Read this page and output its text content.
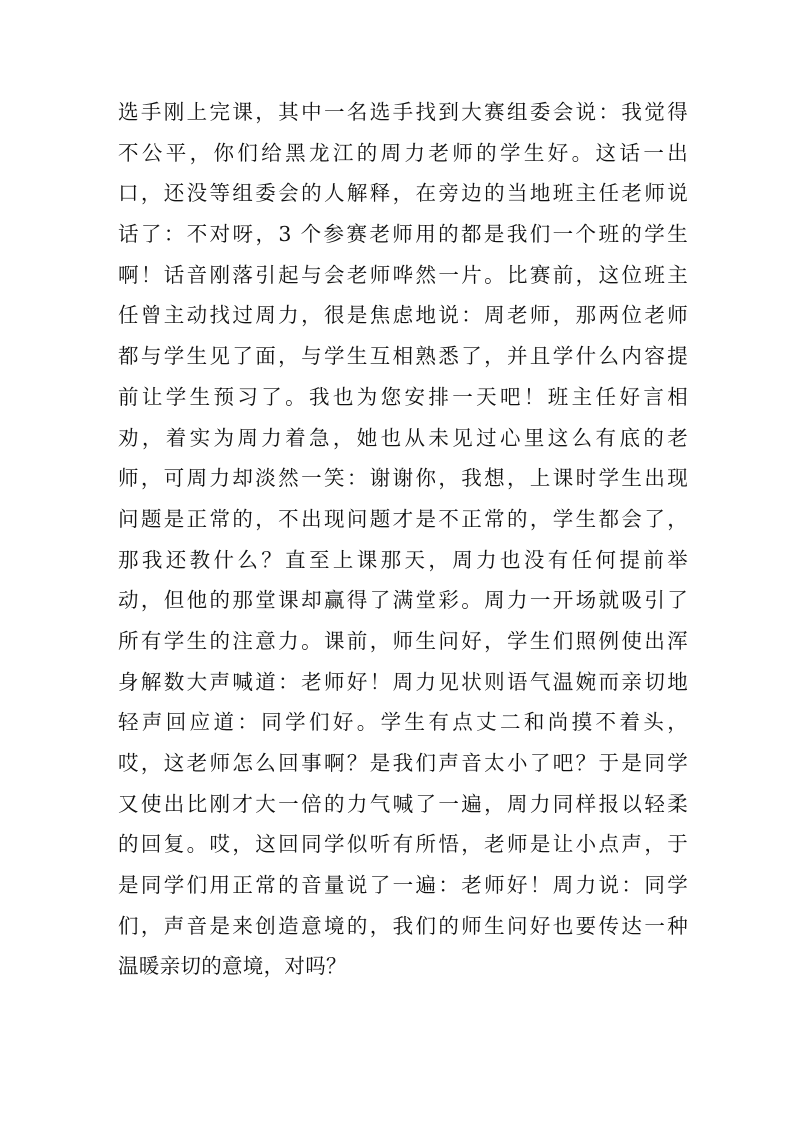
选手刚上完课，其中一名选手找到大赛组委会说：我觉得
不公平，你们给黑龙江的周力老师的学生好。这话一出
口，还没等组委会的人解释，在旁边的当地班主任老师说
话了：不对呀，3 个参赛老师用的都是我们一个班的学生
啊！话音刚落引起与会老师哗然一片。比赛前，这位班主
任曾主动找过周力，很是焦虑地说：周老师，那两位老师
都与学生见了面，与学生互相熟悉了，并且学什么内容提
前让学生预习了。我也为您安排一天吧！班主任好言相
劝，着实为周力着急，她也从未见过心里这么有底的老
师，可周力却淡然一笑：谢谢你，我想，上课时学生出现
问题是正常的，不出现问题才是不正常的，学生都会了，
那我还教什么？直至上课那天，周力也没有任何提前举
动，但他的那堂课却赢得了满堂彩。周力一开场就吸引了
所有学生的注意力。课前，师生问好，学生们照例使出浑
身解数大声喊道：老师好！周力见状则语气温婉而亲切地
轻声回应道：同学们好。学生有点丈二和尚摸不着头，
哎，这老师怎么回事啊？是我们声音太小了吧？于是同学
又使出比刚才大一倍的力气喊了一遍，周力同样报以轻柔
的回复。哎，这回同学似听有所悟，老师是让小点声，于
是同学们用正常的音量说了一遍：老师好！周力说：同学
们，声音是来创造意境的，我们的师生问好也要传达一种
温暖亲切的意境，对吗？
